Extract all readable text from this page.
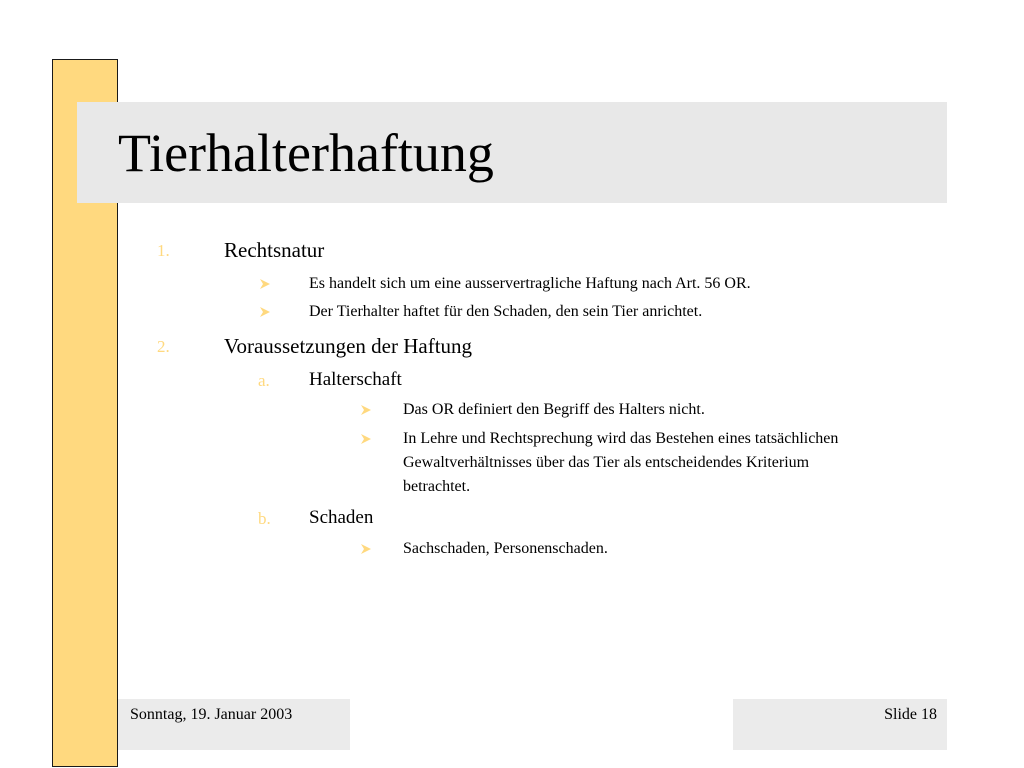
Tierhalterhaftung
1.	Rechtsnatur
Es handelt sich um eine ausservertragliche Haftung nach Art. 56 OR.
Der Tierhalter haftet für den Schaden, den sein Tier anrichtet.
2.	Voraussetzungen der Haftung
a. Halterschaft
Das OR definiert den Begriff des Halters nicht.
In Lehre und Rechtsprechung wird das Bestehen eines tatsächlichen
Gewaltverhältnisses über das Tier als entscheidendes Kriterium
betrachtet.
b. Schaden
Sachschaden, Personenschaden.
Sonntag, 19. Januar 2003	Slide 18
